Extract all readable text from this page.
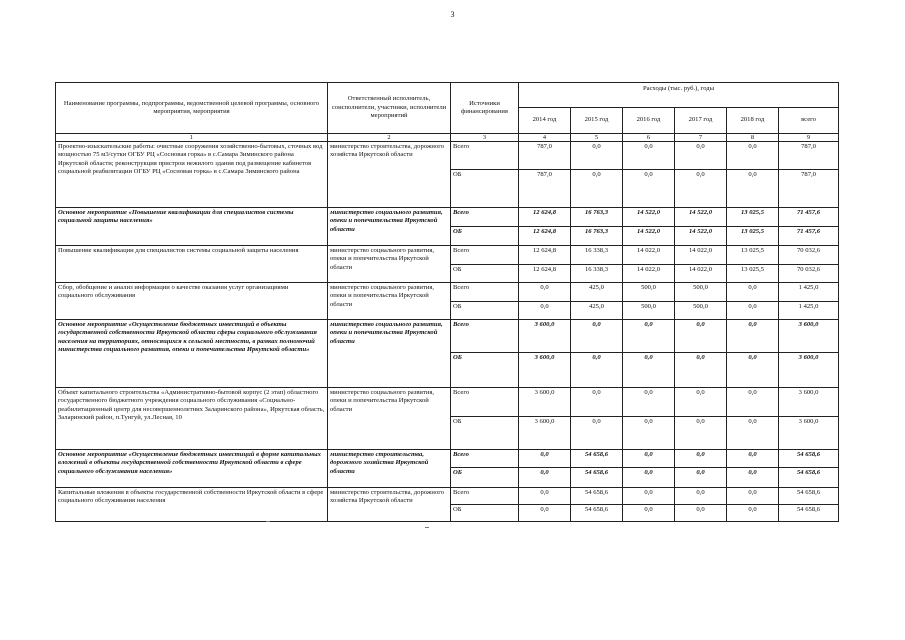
3
Наименование программы, подпрограммы, ведомственной целевой программы, основного мероприятия, мероприятия	Ответственный исполнитель, соисполнители, участники, исполнители мероприятий	Источники финансирования	Расходы (тыс. руб.), годы					
			2014 год	2015 год	2016 год	2017 год	2018 год	всего
1	2	3	4	5	6	7	8	9
Проектно-изыскательские работы: очистные сооружения хозяйственно-бытовых, сточных вод мощностью 75 м3/сутки ОГБУ РЦ «Сосновая горка» в с.Самара Зиминского района Иркутской области; реконструкция пристрои нежилого здания под размещение кабинетов социальной реабилитации ОГБУ РЦ «Сосновая горка» в с.Самара Зиминского района	министерство строительства, дорожного хозяйства Иркутской области	Всего	787,0	0,0	0,0	0,0	0,0	787,0
		ОБ	787,0	0,0	0,0	0,0	0,0	787,0
Основное мероприятие «Повышение квалификации для специалистов системы социальной защиты населения»	министерство социального развития, опеки и попечительства Иркутской области	Всего	12 624,8	16 763,3	14 522,0	14 522,0	13 025,5	71 457,6
		ОБ	12 624,8	16 763,3	14 522,0	14 522,0	13 025,5	71 457,6
Повышение квалификации для специалистов системы социальной защиты населения	министерство социального развития, опеки и попечительства Иркутской области	Всего	12 624,8	16 338,3	14 022,0	14 022,0	13 025,5	70 032,6
		ОБ	12 624,8	16 338,3	14 022,0	14 022,0	13 025,5	70 032,6
Сбор, обобщение и анализ информации о качестве оказания услуг организациями социального обслуживания	министерство социального развития, опеки и попечительства Иркутской области	Всего	0,0	425,0	500,0	500,0	0,0	1 425,0
		ОБ	0,0	425,0	500,0	500,0	0,0	1 425,0
Основное мероприятие «Осуществление бюджетных инвестиций в объекты государственной собственности Иркутской области сферы социального обслуживания населения на территориях, относящихся к сельской местности, в рамках полномочий министерства социального развития, опеки и попечительства Иркутской области»	министерство социального развития, опеки и попечительства Иркутской области	Всего	3 600,0	0,0	0,0	0,0	0,0	3 600,0
		ОБ	3 600,0	0,0	0,0	0,0	0,0	3 600,0
Объект капитального строительства «Административно-бытовой корпус (2 этап) областного государственного бюджетного учреждения социального обслуживания «Социально-реабилитационный центр для несовершеннолетних Заларинского района», Иркутская область, Заларинский район, п.Тунгуй, ул.Лесная, 10	министерство социального развития, опеки и попечительства Иркутской области	Всего	3 600,0	0,0	0,0	0,0	0,0	3 600,0
		ОБ	3 600,0	0,0	0,0	0,0	0,0	3 600,0
Основное мероприятие «Осуществление бюджетных инвестиций в форме капитальных вложений в объекты государственной собственности Иркутской области в сфере социального обслуживания населения»	министерство строительства, дорожного хозяйства Иркутской области	Всего	0,0	54 658,6	0,0	0,0	0,0	54 658,6
		ОБ	0,0	54 658,6	0,0	0,0	0,0	54 658,6
Капитальные вложения в объекты государственной собственности Иркутской области в сфере социального обслуживания населения	министерство строительства, дорожного хозяйства Иркутской области	Всего	0,0	54 658,6	0,0	0,0	0,0	54 658,6
		ОБ	0,0	54 658,6	0,0	0,0	0,0	54 658,6
